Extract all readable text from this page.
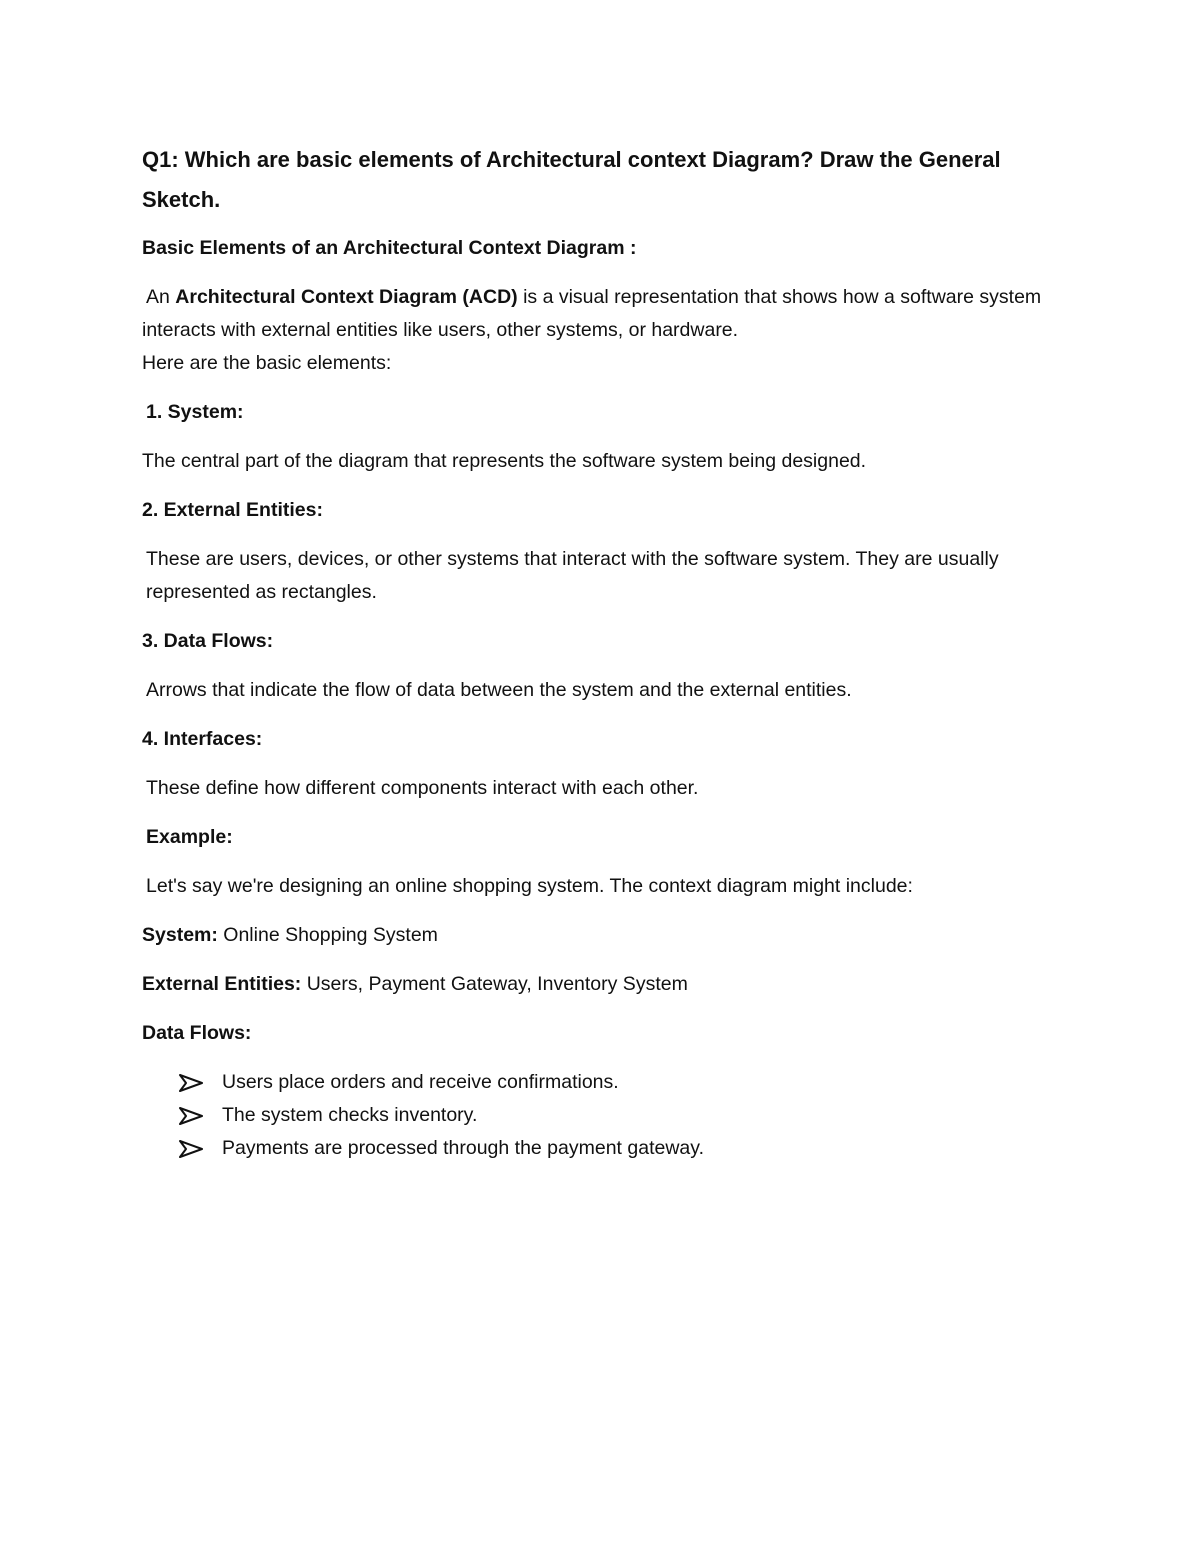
Q1: Which are basic elements of Architectural context Diagram? Draw the General Sketch.
Basic Elements of an Architectural Context Diagram :
An Architectural Context Diagram (ACD) is a visual representation that shows how a software system interacts with external entities like users, other systems, or hardware.
Here are the basic elements:
1. System:
The central part of the diagram that represents the software system being designed.
2. External Entities:
These are users, devices, or other systems that interact with the software system. They are usually represented as rectangles.
3. Data Flows:
Arrows that indicate the flow of data between the system and the external entities.
4. Interfaces:
These define how different components interact with each other.
Example:
Let's say we're designing an online shopping system. The context diagram might include:
System: Online Shopping System
External Entities: Users, Payment Gateway, Inventory System
Data Flows:
Users place orders and receive confirmations.
The system checks inventory.
Payments are processed through the payment gateway.
